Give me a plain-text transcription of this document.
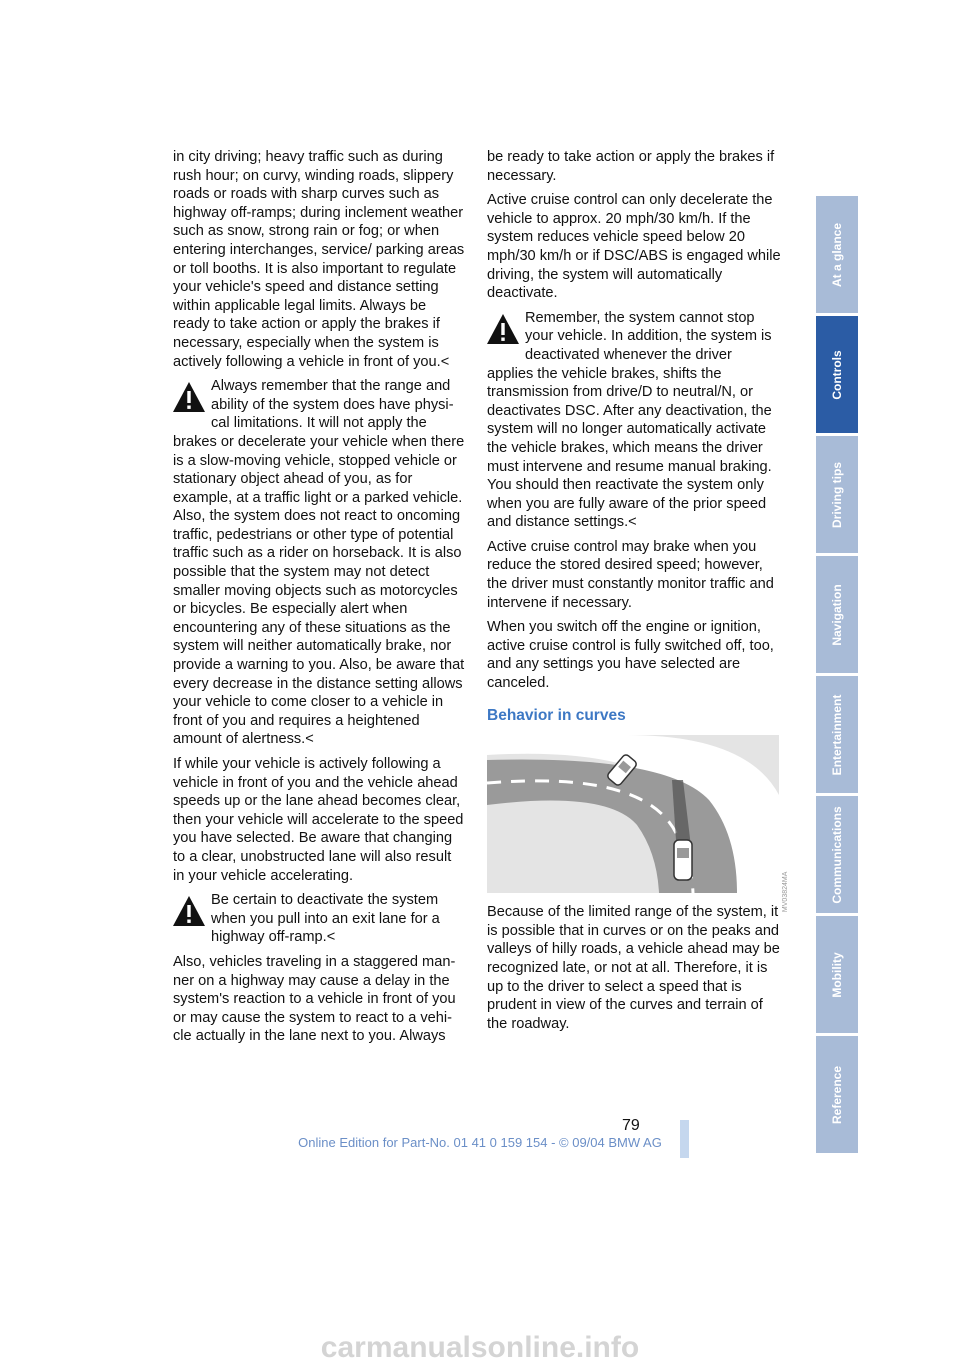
in city driving; heavy traffic such as during rush hour; on curvy, winding roads, slippery roads or roads with sharp curves such as highway off-ramps; during inclement weather such as snow, strong rain or fog; or when entering interchanges, service/ parking areas or toll booths. It is also important to regulate your vehicle's speed and distance setting within applicable legal limits. Always be ready to take action or apply the brakes if necessary, especially when the system is actively following a vehicle in front of you.<

Always remember that the range and ability of the system does have physical limitations. It will not apply the brakes or decelerate your vehicle when there is a slow-moving vehicle, stopped vehicle or stationary object ahead of you, as for example, at a traffic light or a parked vehicle. Also, the system does not react to oncoming traffic, pedestrians or other type of potential traffic such as a rider on horseback. It is also possible that the system may not detect smaller moving objects such as motorcycles or bicycles. Be especially alert when encountering any of these situations as the system will neither automatically brake, nor provide a warning to you. Also, be aware that every decrease in the distance setting allows your vehicle to come closer to a vehicle in front of you and requires a heightened amount of alertness.<

If while your vehicle is actively following a vehicle in front of you and the vehicle ahead speeds up or the lane ahead becomes clear, then your vehicle will accelerate to the speed you have selected. Be aware that changing to a clear, unobstructed lane will also result in your vehicle accelerating.

Be certain to deactivate the system when you pull into an exit lane for a highway off-ramp.<

Also, vehicles traveling in a staggered manner on a highway may cause a delay in the system's reaction to a vehicle in front of you or may cause the system to react to a vehicle actually in the lane next to you. Always

be ready to take action or apply the brakes if necessary.

Active cruise control can only decelerate the vehicle to approx. 20 mph/30 km/h. If the system reduces vehicle speed below 20 mph/30 km/h or if DSC/ABS is engaged while driving, the system will automatically deactivate.

Remember, the system cannot stop your vehicle. In addition, the system is deactivated whenever the driver applies the vehicle brakes, shifts the transmission from drive/D to neutral/N, or deactivates DSC. After any deactivation, the system will no longer automatically activate the vehicle brakes, which means the driver must intervene and resume manual braking. You should then reactivate the system only when you are fully aware of the prior speed and distance settings.<

Active cruise control may brake when you reduce the stored desired speed; however, the driver must constantly monitor traffic and intervene if necessary.

When you switch off the engine or ignition, active cruise control is fully switched off, too, and any settings you have selected are canceled.

Behavior in curves
MV03824MA

Because of the limited range of the system, it is possible that in curves or on the peaks and valleys of hilly roads, a vehicle ahead may be recognized late, or not at all. Therefore, it is up to the driver to select a speed that is prudent in view of the curves and terrain of the roadway.

At a glance
Controls
Driving tips
Navigation
Entertainment
Communications
Mobility
Reference
79
Online Edition for Part-No. 01 41 0 159 154 - © 09/04 BMW AG
carmanualsonline.info
